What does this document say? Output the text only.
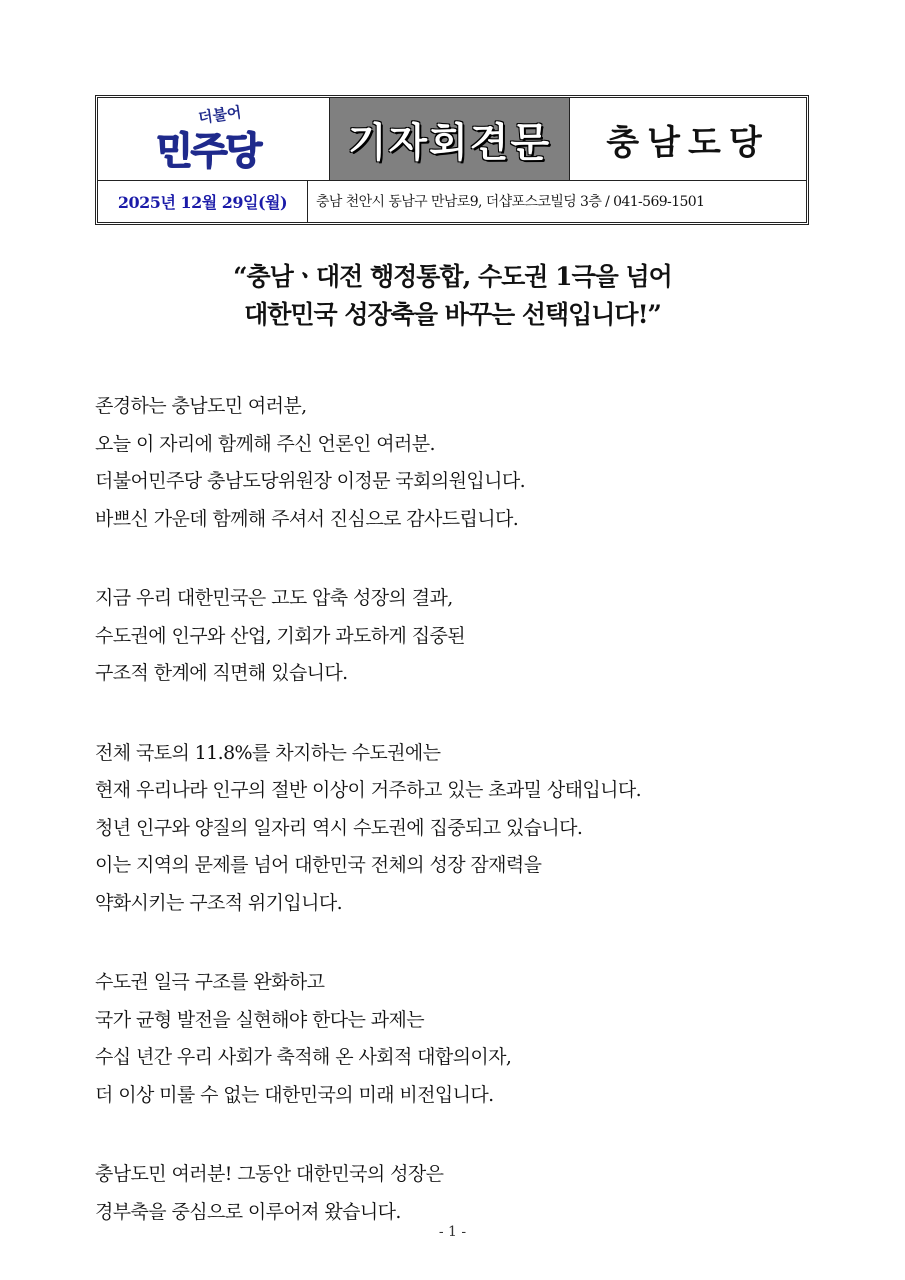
더불어
민주당 기자회견문 충남도당
2025년 12월 29일(월) 충남 천안시 동남구 만남로9, 더샵포스코빌딩 3층 / 041-569-1501
“충남ㆍ대전 행정통합, 수도권 1극을 넘어
대한민국 성장축을 바꾸는 선택입니다!”
존경하는 충남도민 여러분,
오늘 이 자리에 함께해 주신 언론인 여러분.
더불어민주당 충남도당위원장 이정문 국회의원입니다.
바쁘신 가운데 함께해 주셔서 진심으로 감사드립니다.
지금 우리 대한민국은 고도 압축 성장의 결과,
수도권에 인구와 산업, 기회가 과도하게 집중된
구조적 한계에 직면해 있습니다.
전체 국토의 11.8%를 차지하는 수도권에는
현재 우리나라 인구의 절반 이상이 거주하고 있는 초과밀 상태입니다.
청년 인구와 양질의 일자리 역시 수도권에 집중되고 있습니다.
이는 지역의 문제를 넘어 대한민국 전체의 성장 잠재력을
약화시키는 구조적 위기입니다.
수도권 일극 구조를 완화하고
국가 균형 발전을 실현해야 한다는 과제는
수십 년간 우리 사회가 축적해 온 사회적 대합의이자,
더 이상 미룰 수 없는 대한민국의 미래 비전입니다.
충남도민 여러분! 그동안 대한민국의 성장은
경부축을 중심으로 이루어져 왔습니다.
- 1 -
